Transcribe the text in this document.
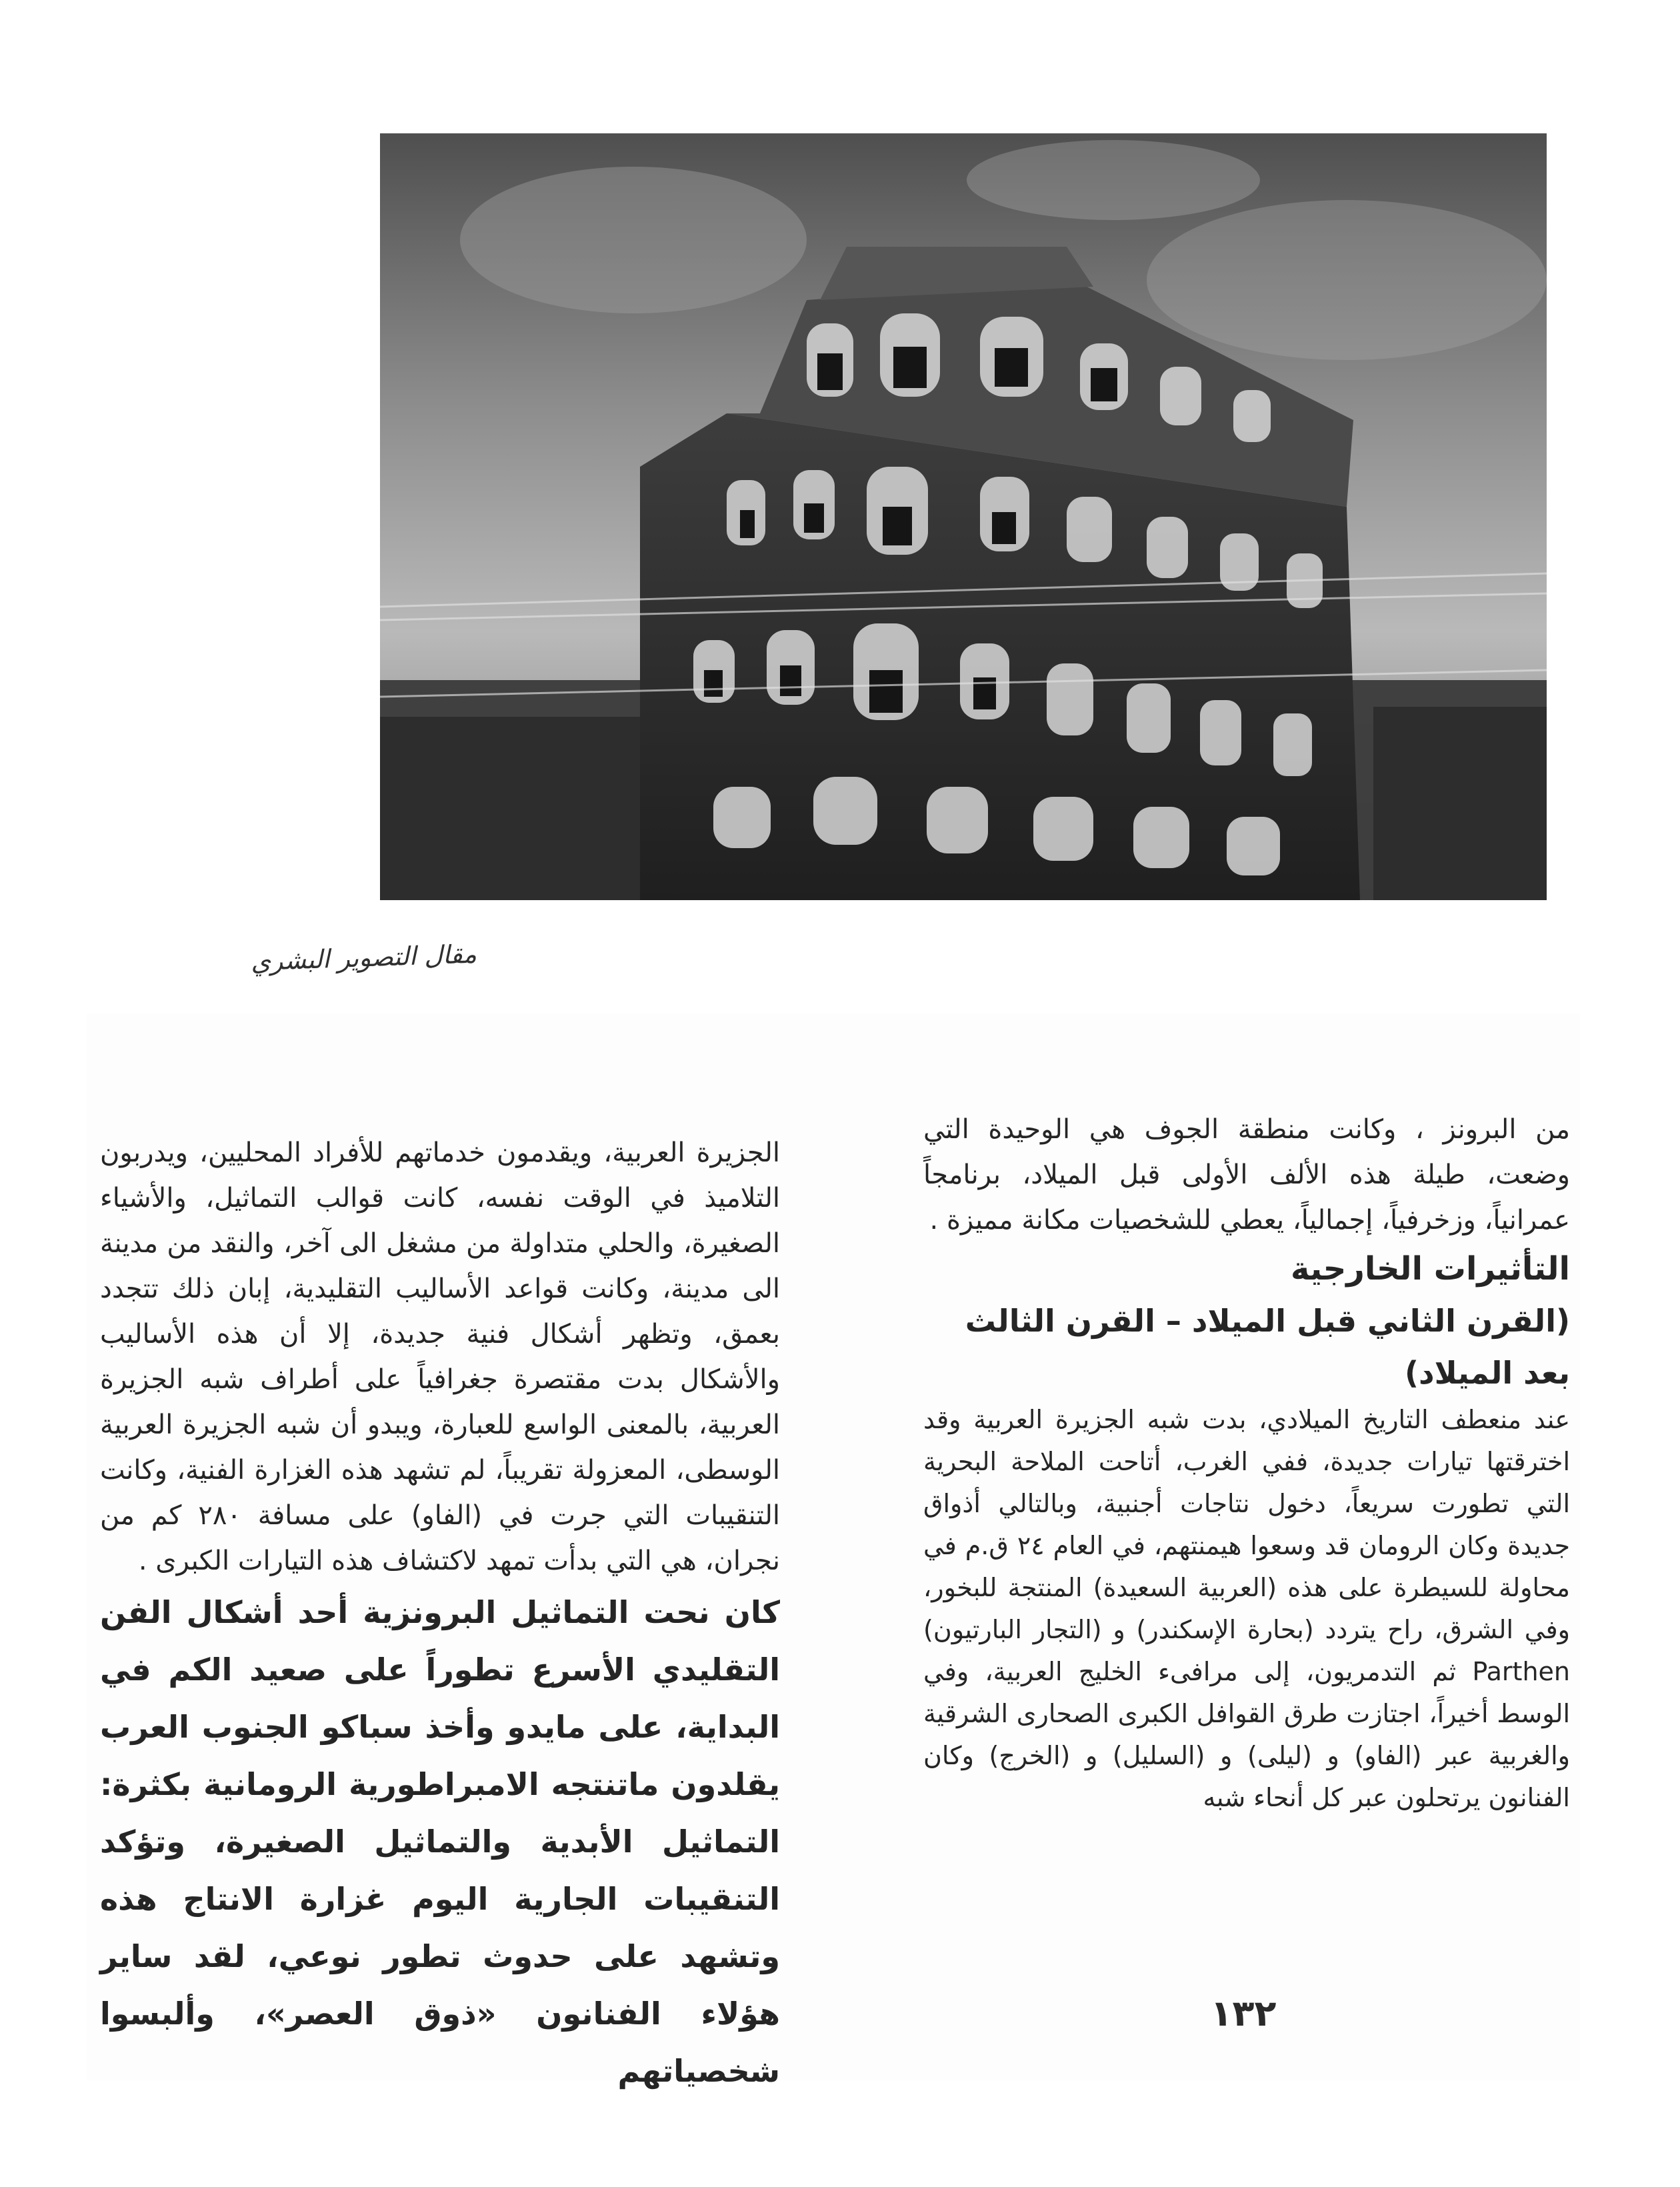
مقال التصوير البشري

من البرونز ، وكانت منطقة الجوف هي الوحيدة التي وضعت، طيلة هذه الألف الأولى قبل الميلاد، برنامجاً عمرانياً، وزخرفياً، إجمالياً، يعطي للشخصيات مكانة مميزة .

التأثيرات الخارجية
(القرن الثاني قبل الميلاد – القرن الثالث بعد الميلاد)

عند منعطف التاريخ الميلادي، بدت شبه الجزيرة العربية وقد اخترقتها تيارات جديدة، ففي الغرب، أتاحت الملاحة البحرية التي تطورت سريعاً، دخول نتاجات أجنبية، وبالتالي أذواق جديدة وكان الرومان قد وسعوا هيمنتهم، في العام ٢٤ ق.م في محاولة للسيطرة على هذه (العربية السعيدة) المنتجة للبخور، وفي الشرق، راح يتردد (بحارة الإسكندر) و (التجار البارتيون) Parthen ثم التدمريون، إلى مرافىء الخليج العربية، وفي الوسط أخيراً، اجتازت طرق القوافل الكبرى الصحارى الشرقية والغربية عبر (الفاو) و (ليلى) و (السليل) و (الخرج) وكان الفنانون يرتحلون عبر كل أنحاء شبه

الجزيرة العربية، ويقدمون خدماتهم للأفراد المحليين، ويدربون التلاميذ في الوقت نفسه، كانت قوالب التماثيل، والأشياء الصغيرة، والحلي متداولة من مشغل الى آخر، والنقد من مدينة الى مدينة، وكانت قواعد الأساليب التقليدية، إبان ذلك تتجدد بعمق، وتظهر أشكال فنية جديدة، إلا أن هذه الأساليب والأشكال بدت مقتصرة جغرافياً على أطراف شبه الجزيرة العربية، بالمعنى الواسع للعبارة، ويبدو أن شبه الجزيرة العربية الوسطى، المعزولة تقريباً، لم تشهد هذه الغزارة الفنية، وكانت التنقيبات التي جرت في (الفاو) على مسافة ٢٨٠ كم من نجران، هي التي بدأت تمهد لاكتشاف هذه التيارات الكبرى .

كان نحت التماثيل البرونزية أحد أشكال الفن التقليدي الأسرع تطوراً على صعيد الكم في البداية، على مايدو وأخذ سباكو الجنوب العرب يقلدون ماتنتجه الامبراطورية الرومانية بكثرة: التماثيل الأبدية والتماثيل الصغيرة، وتؤكد التنقيبات الجارية اليوم غزارة الانتاج هذه وتشهد على حدوث تطور نوعي، لقد ساير هؤلاء الفنانون «ذوق العصر»، وألبسوا شخصياتهم

١٣٢
